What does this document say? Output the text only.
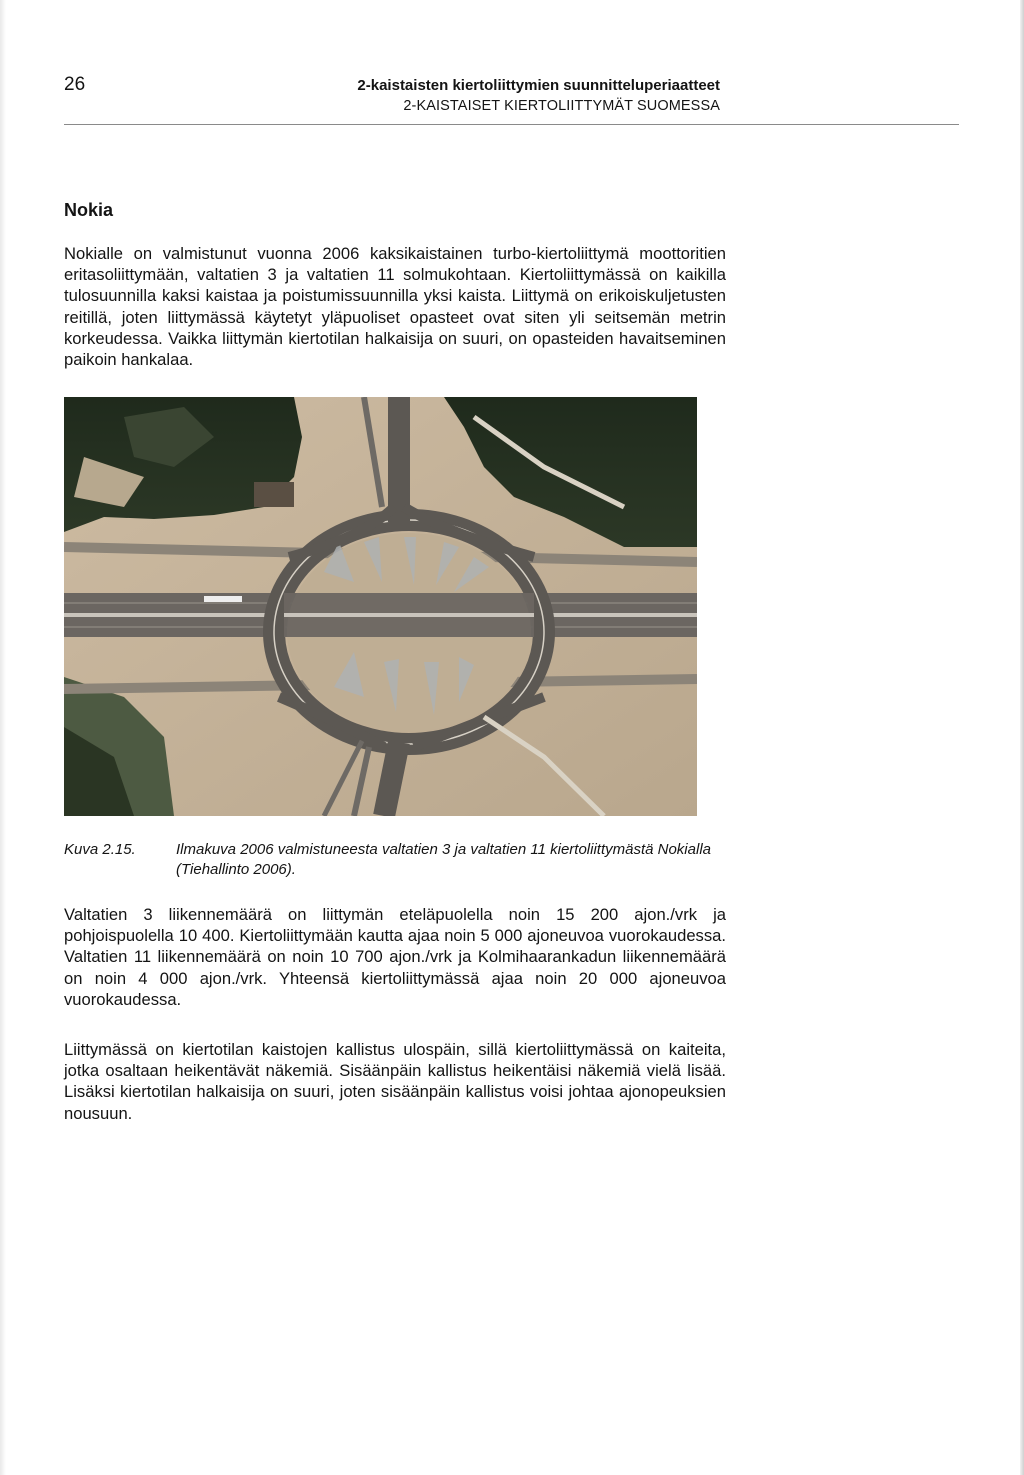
26	2-kaistaisten kiertoliittymien suunnitteluperiaatteet
2-KAISTAISET KIERTOLIITTYMÄT SUOMESSA
Nokia

Nokialle on valmistunut vuonna 2006 kaksikaistainen turbo-kiertoliittymä moottoritien eritasoliittymään, valtatien 3 ja valtatien 11 solmukohtaan. Kiertoliittymässä on kaikilla tulosuunnilla kaksi kaistaa ja poistumissuunnilla yksi kaista. Liittymä on erikoiskuljetusten reitillä, joten liittymässä käytetyt yläpuoliset opasteet ovat siten yli seitsemän metrin korkeudessa. Vaikka liittymän kiertotilan halkaisija on suuri, on opasteiden havaitseminen paikoin hankalaa.

Kuva 2.15.	Ilmakuva 2006 valmistuneesta valtatien 3 ja valtatien 11 kiertoliittymästä Nokialla (Tiehallinto 2006).

Valtatien 3 liikennemäärä on liittymän eteläpuolella noin 15 200 ajon./vrk ja pohjoispuolella 10 400. Kiertoliittymään kautta ajaa noin 5 000 ajoneuvoa vuorokaudessa. Valtatien 11 liikennemäärä on noin 10 700 ajon./vrk ja Kolmihaarankadun liikennemäärä on noin 4 000 ajon./vrk. Yhteensä kiertoliittymässä ajaa noin 20 000 ajoneuvoa vuorokaudessa.

Liittymässä on kiertotilan kaistojen kallistus ulospäin, sillä kiertoliittymässä on kaiteita, jotka osaltaan heikentävät näkemiä. Sisäänpäin kallistus heikentäisi näkemiä vielä lisää. Lisäksi kiertotilan halkaisija on suuri, joten sisäänpäin kallistus voisi johtaa ajonopeuksien nousuun.
